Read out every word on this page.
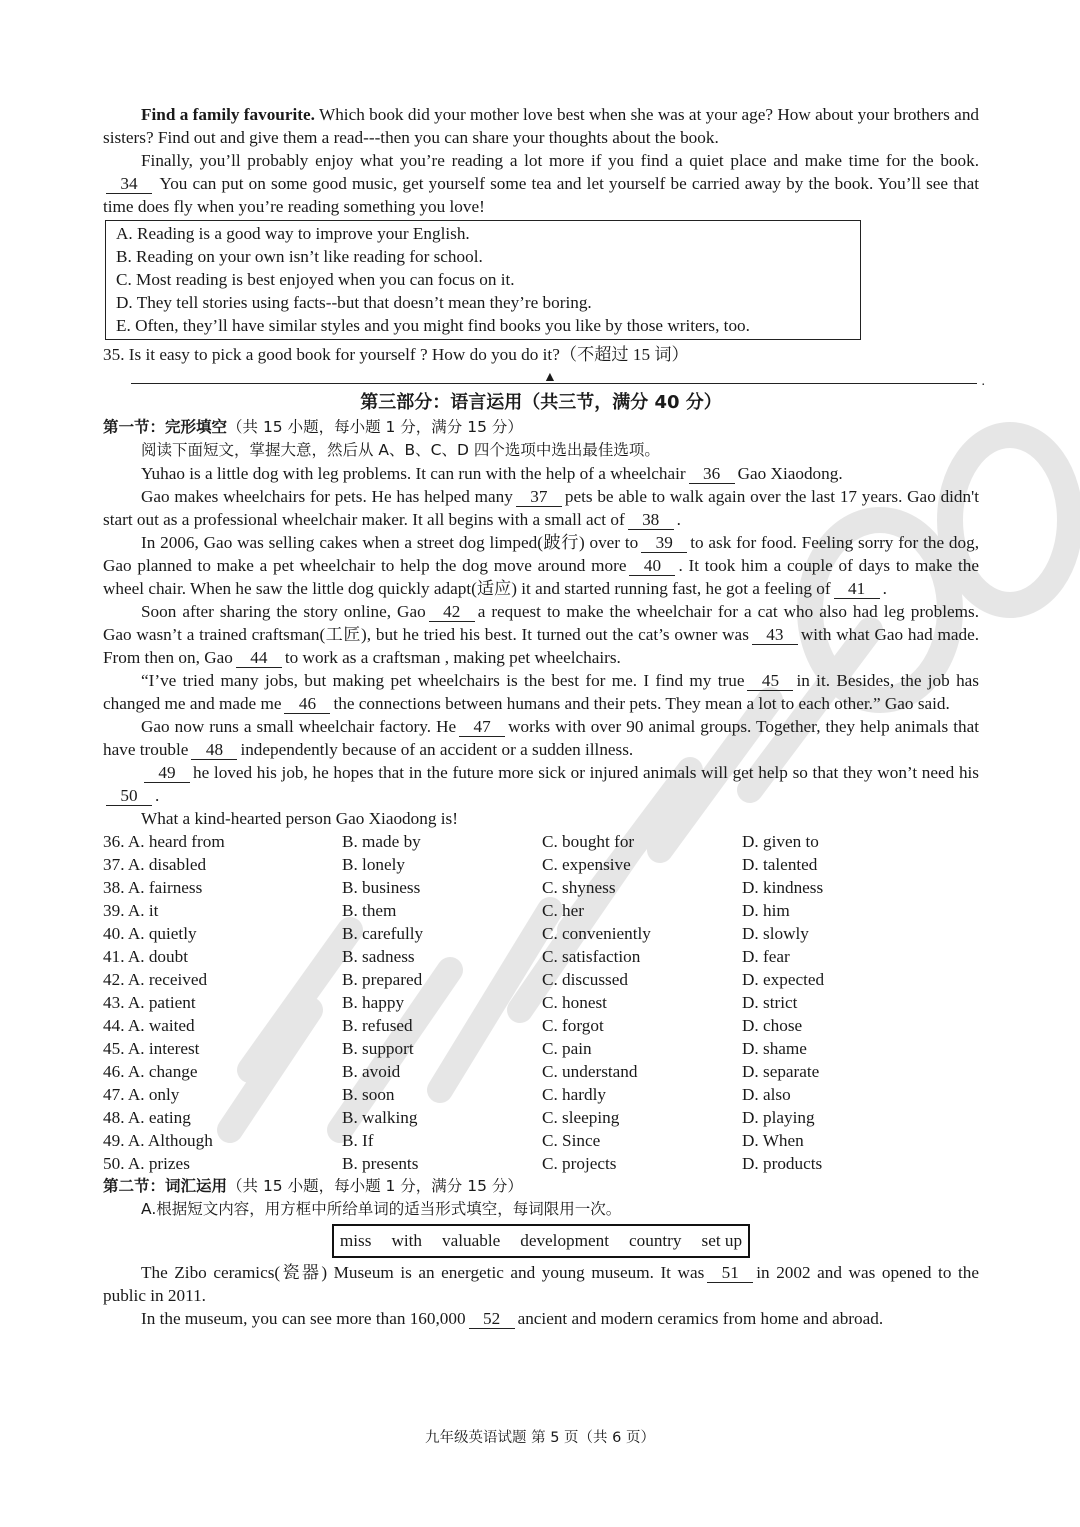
Find a family favourite. Which book did your mother love best when she was at your age? How about your brothers and sisters? Find out and give them a read---then you can share your thoughts about the book.

Finally, you’ll probably enjoy what you’re reading a lot more if you find a quiet place and make time for the book.34 You can put on some good music, get yourself some tea and let yourself be carried away by the book. You’ll see that time does fly when you’re reading something you love!

A. Reading is a good way to improve your English.
B. Reading on your own isn’t like reading for school.
C. Most reading is best enjoyed when you can focus on it.
D. They tell stories using facts--but that doesn’t mean they’re boring.
E. Often, they’ll have similar styles and you might find books you like by those writers, too.

35. Is it easy to pick a good book for yourself ? How do you do it?（不超过 15 词）

▲	.
第三部分：语言运用（共三节，满分 40 分）
第一节：完形填空（共 15 小题，每小题 1 分，满分 15 分）

阅读下面短文，掌握大意，然后从 A、B、C、D 四个选项中选出最佳选项。

Yuhao is a little dog with leg problems. It can run with the help of a wheelchair 36 Gao Xiaodong.

Gao makes wheelchairs for pets. He has helped many 37 pets be able to walk again over the last 17 years. Gao didn't start out as a professional wheelchair maker. It all begins with a small act of 38 .

In 2006, Gao was selling cakes when a street dog limped(跛行) over to 39 to ask for food. Feeling sorry for the dog, Gao planned to make a pet wheelchair to help the dog move around more 40 . It took him a couple of days to make the wheel chair. When he saw the little dog quickly adapt(适应) it and started running fast, he got a feeling of 41 .

Soon after sharing the story online, Gao 42 a request to make the wheelchair for a cat who also had leg problems. Gao wasn’t a trained craftsman(工匠), but he tried his best. It turned out the cat’s owner was 43 with what Gao had made. From then on, Gao 44 to work as a craftsman , making pet wheelchairs.

“I’ve tried many jobs, but making pet wheelchairs is the best for me. I find my true 45 in it. Besides, the job has changed me and made me 46 the connections between humans and their pets. They mean a lot to each other.” Gao said.

Gao now runs a small wheelchair factory. He 47 works with over 90 animal groups. Together, they help animals that have trouble 48 independently because of an accident or a sudden illness.

49 he loved his job, he hopes that in the future more sick or injured animals will get help so that they won’t need his50 .

What a kind-hearted person Gao Xiaodong is!

36. A. heard from	B. made by	C. bought for	D. given to
37. A. disabled	B. lonely	C. expensive	D. talented
38. A. fairness	B. business	C. shyness	D. kindness
39. A. it	B. them	C. her	D. him
40. A. quietly	B. carefully	C. conveniently	D. slowly
41. A. doubt	B. sadness	C. satisfaction	D. fear
42. A. received	B. prepared	C. discussed	D. expected
43. A. patient	B. happy	C. honest	D. strict
44. A. waited	B. refused	C. forgot	D. chose
45. A. interest	B. support	C. pain	D. shame
46. A. change	B. avoid	C. understand	D. separate
47. A. only	B. soon	C. hardly	D. also
48. A. eating	B. walking	C. sleeping	D. playing
49. A. Although	B. If	C. Since	D. When
50. A. prizes	B. presents	C. projects	D. products
第二节：词汇运用（共 15 小题，每小题 1 分，满分 15 分）

A.根据短文内容，用方框中所给单词的适当形式填空，每词限用一次。

miss with valuable development country set up

The Zibo ceramics(瓷器) Museum is an energetic and young museum. It was 51 in 2002 and was opened to the public in 2011.

In the museum, you can see more than 160,000 52 ancient and modern ceramics from home and abroad.

九年级英语试题 第 5 页（共 6 页）
